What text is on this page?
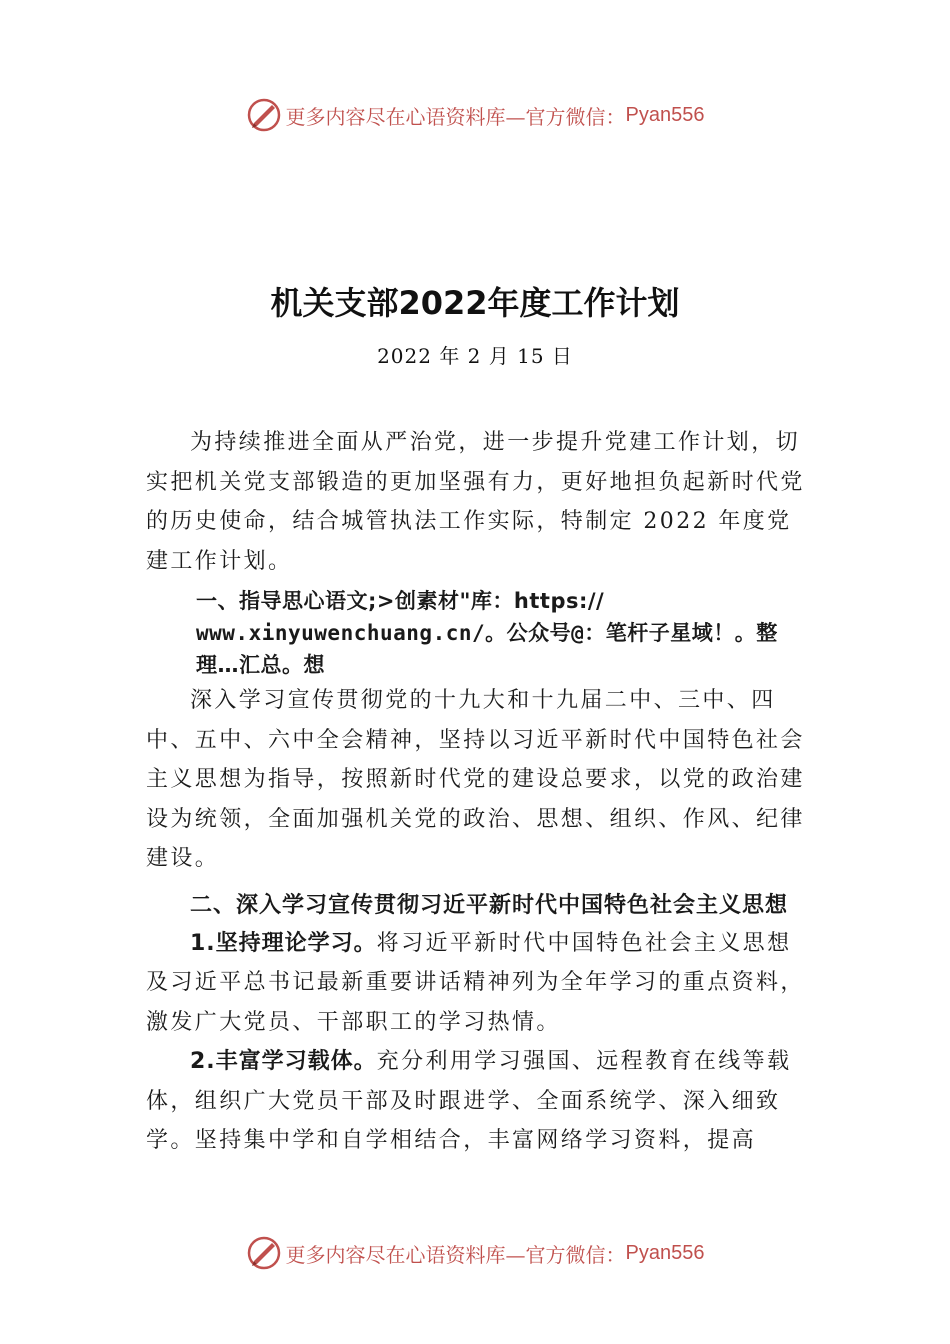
更多内容尽在心语资料库—官方微信： Pyan556
机关支部2022年度工作计划
2022 年 2 月 15 日

为持续推进全面从严治党，进一步提升党建工作计划，切实把机关党支部锻造的更加坚强有力，更好地担负起新时代党的历史使命，结合城管执法工作实际，特制定 2022 年度党建工作计划。

一、指导思心语文;>创素材"库：https://
www.xinyuwenchuang.cn/。公众号@：笔杆子星域！。整
理…汇总。想

深入学习宣传贯彻党的十九大和十九届二中、三中、四中、五中、六中全会精神，坚持以习近平新时代中国特色社会主义思想为指导，按照新时代党的建设总要求，以党的政治建设为统领，全面加强机关党的政治、思想、组织、作风、纪律建设。

二、深入学习宣传贯彻习近平新时代中国特色社会主义思想

1.坚持理论学习。将习近平新时代中国特色社会主义思想及习近平总书记最新重要讲话精神列为全年学习的重点资料，激发广大党员、干部职工的学习热情。

2.丰富学习载体。充分利用学习强国、远程教育在线等载体，组织广大党员干部及时跟进学、全面系统学、深入细致学。坚持集中学和自学相结合，丰富网络学习资料，提高

更多内容尽在心语资料库—官方微信： Pyan556
